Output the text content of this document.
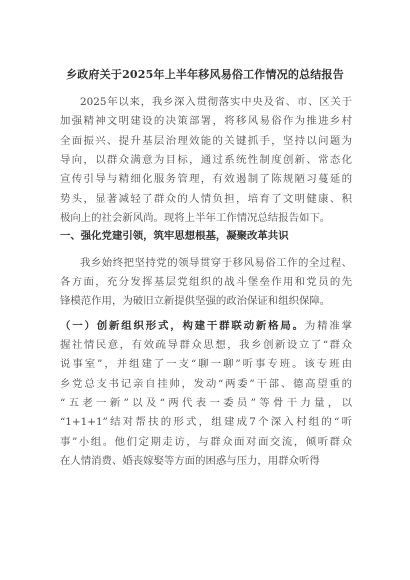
乡政府关于2025年上半年移风易俗工作情况的总结报告
2025年以来，我乡深入贯彻落实中央及省、市、区关于
加强精神文明建设的决策部署，将移风易俗作为推进乡村
全面振兴、提升基层治理效能的关键抓手，坚持以问题为
导向，以群众满意为目标，通过系统性制度创新、常态化
宣传引导与精细化服务管理，有效遏制了陈规陋习蔓延的
势头，显著减轻了群众的人情负担，培育了文明健康、积
极向上的社会新风尚。现将上半年工作情况总结报告如下。
一、强化党建引领，筑牢思想根基，凝聚改革共识
我乡始终把坚持党的领导贯穿于移风易俗工作的全过程、
各方面，充分发挥基层党组织的战斗堡垒作用和党员的先
锋模范作用，为破旧立新提供坚强的政治保证和组织保障。
（一）创新组织形式，构建干群联动新格局。为精准掌
握社情民意，有效疏导群众思想，我乡创新设立了“群众
说事室”，并组建了一支“聊一聊”听事专班。该专班由
乡党总支书记亲自挂帅，发动“两委”干部、德高望重的
“五老一新”以及“两代表一委员”等骨干力量，以
“1+1+1”结对帮扶的形式，组建成7个深入村组的“听
事”小组。他们定期走访，与群众面对面交流，倾听群众
在人情消费、婚丧嫁娶等方面的困惑与压力，用群众听得
